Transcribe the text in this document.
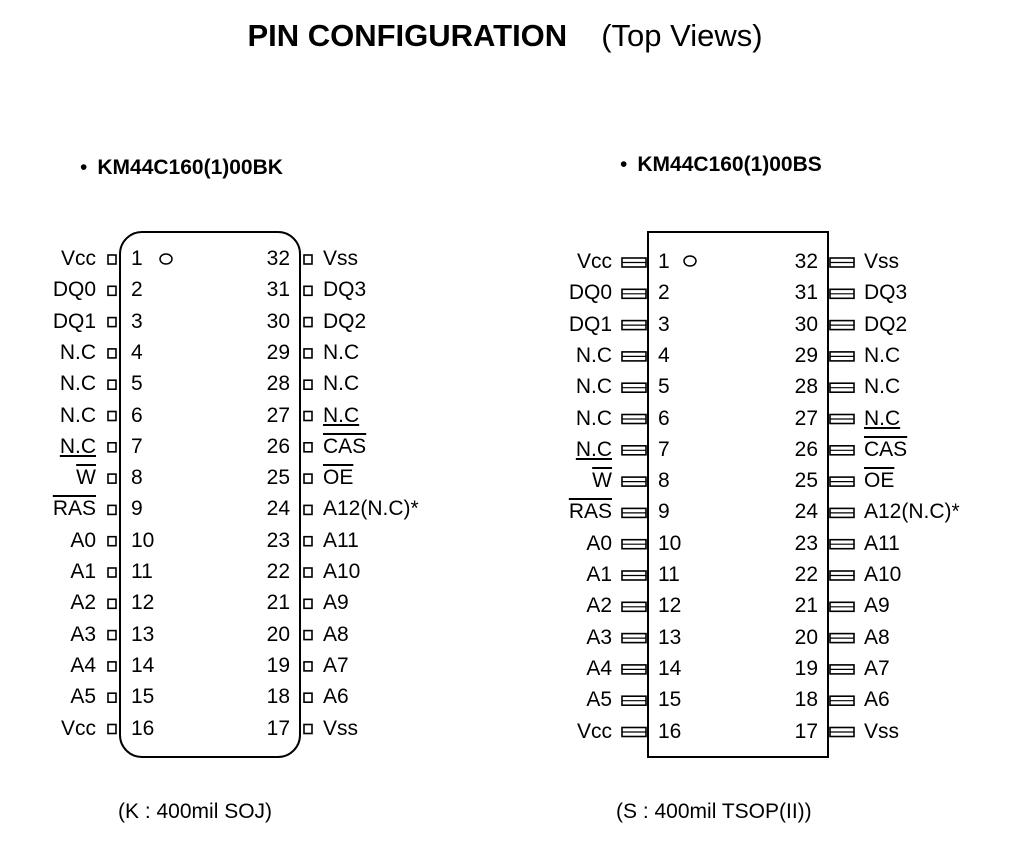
PIN CONFIGURATION (Top Views)
• KM44C160(1)00BK	• KM44C160(1)00BS
(K : 400mil SOJ)	(S : 400mil TSOP(II))
Vcc 1
DQ0 2
DQ1 3
N.C 4
N.C 5
N.C 6
N.C 7
$\overline{W}$ 8
$\overline{RAS}$ 9
A0 10
A1 11
A2 12
A3 13
A4 14
A5 15
Vcc 16
32 Vss
31 DQ3
30 DQ2
29 N.C
28 N.C
27 N.C
26 $\overline{CAS}$
25 $\overline{OE}$
24 A12(N.C)*
23 A11
22 A10
21 A9
20 A8
19 A7
18 A6
17 Vss
Vcc 1
DQ0 2
DQ1 3
N.C 4
N.C 5
N.C 6
N.C 7
$\overline{W}$ 8
$\overline{RAS}$ 9
A0 10
A1 11
A2 12
A3 13
A4 14
A5 15
Vcc 16
32 Vss
31 DQ3
30 DQ2
29 N.C
28 N.C
27 N.C
26 $\overline{CAS}$
25 $\overline{OE}$
24 A12(N.C)*
23 A11
22 A10
21 A9
20 A8
19 A7
18 A6
17 Vss
